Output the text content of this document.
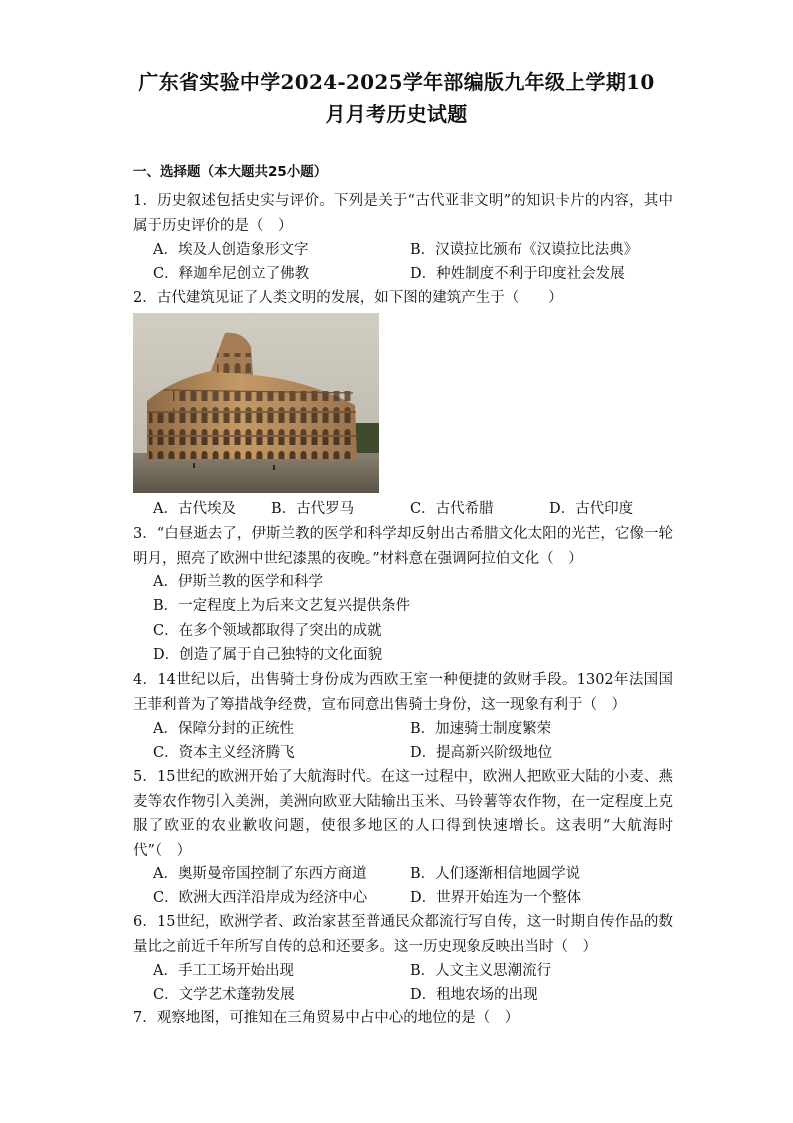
广东省实验中学2024-2025学年部编版九年级上学期10
月月考历史试题
一、选择题（本大题共25小题）
1．历史叙述包括史实与评价。下列是关于“古代亚非文明”的知识卡片的内容，其中属于历史评价的是（　）
A．埃及人创造象形文字	B．汉谟拉比颁布《汉谟拉比法典》
C．释迦牟尼创立了佛教	D．种姓制度不利于印度社会发展
2．古代建筑见证了人类文明的发展，如下图的建筑产生于（　　）
A．古代埃及 B．古代罗马	C．古代希腊	D．古代印度
3．“白昼逝去了，伊斯兰教的医学和科学却反射出古希腊文化太阳的光芒，它像一轮明月，照亮了欧洲中世纪漆黑的夜晚。”材料意在强调阿拉伯文化（　）
A．伊斯兰教的医学和科学
B．一定程度上为后来文艺复兴提供条件
C．在多个领域都取得了突出的成就
D．创造了属于自己独特的文化面貌
4．14世纪以后，出售骑士身份成为西欧王室一种便捷的敛财手段。1302年法国国王菲利普为了筹措战争经费，宣布同意出售骑士身份，这一现象有利于（　）
A．保障分封的正统性	B．加速骑士制度繁荣
C．资本主义经济腾飞	D．提高新兴阶级地位
5．15世纪的欧洲开始了大航海时代。在这一过程中，欧洲人把欧亚大陆的小麦、燕麦等农作物引入美洲，美洲向欧亚大陆输出玉米、马铃薯等农作物，在一定程度上克服了欧亚的农业歉收问题，使很多地区的人口得到快速增长。这表明“大航海时代”（　）
A．奥斯曼帝国控制了东西方商道	B．人们逐渐相信地圆学说
C．欧洲大西洋沿岸成为经济中心	D．世界开始连为一个整体
6．15世纪，欧洲学者、政治家甚至普通民众都流行写自传，这一时期自传作品的数量比之前近千年所写自传的总和还要多。这一历史现象反映出当时（　）
A．手工工场开始出现	B．人文主义思潮流行
C．文学艺术蓬勃发展	D．租地农场的出现
7．观察地图，可推知在三角贸易中占中心的地位的是（　）
